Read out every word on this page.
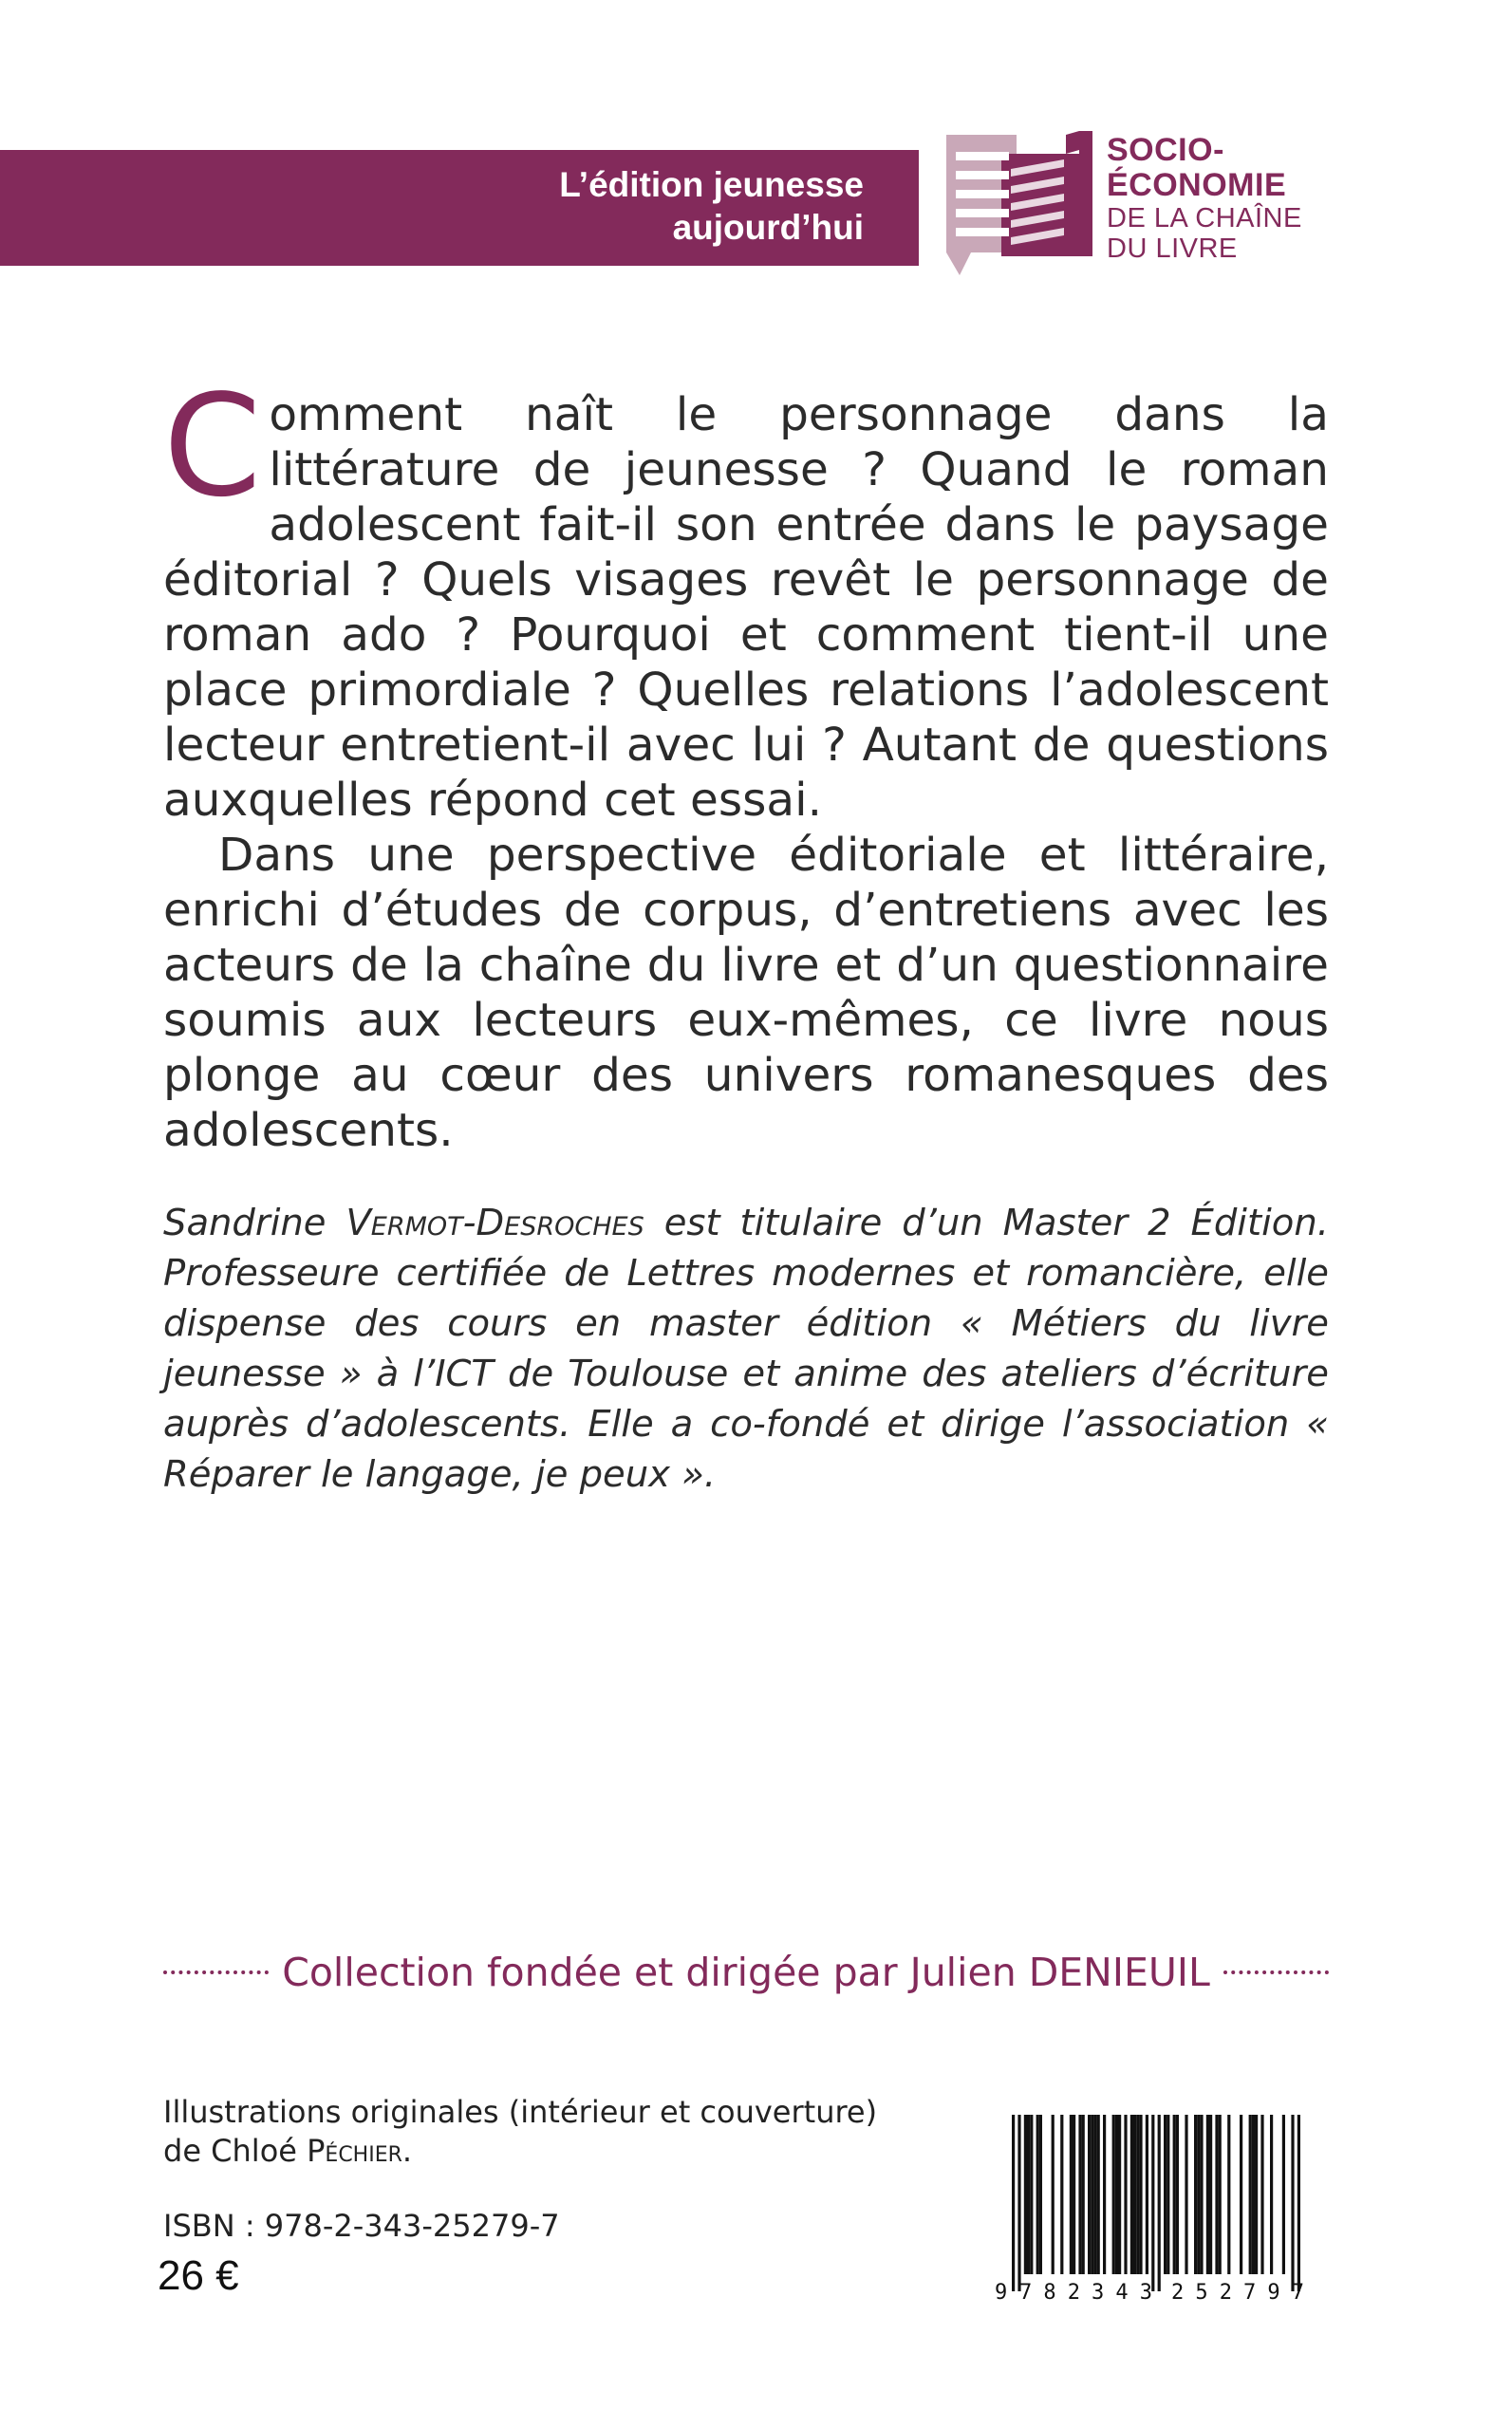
L’édition jeunesse
aujourd’hui
SOCIO-
ÉCONOMIE
DE LA CHAÎNE
DU LIVRE

Comment naît le personnage dans la littérature de jeunesse ? Quand le roman adolescent fait-il son entrée dans le paysage éditorial ? Quels visages revêt le personnage de roman ado ? Pourquoi et comment tient-il une place primordiale ? Quelles relations l’adolescent lecteur entretient-il avec lui ? Autant de questions auxquelles répond cet essai.

Dans une perspective éditoriale et littéraire, enrichi d’études de corpus, d’entretiens avec les acteurs de la chaîne du livre et d’un questionnaire soumis aux lecteurs eux-mêmes, ce livre nous plonge au cœur des univers romanesques des adolescents.

Sandrine Vermot-Desroches est titulaire d’un Master 2 Édition. Professeure certifiée de Lettres modernes et romancière, elle dispense des cours en master édition « Métiers du livre jeunesse » à l’ICT de Toulouse et anime des ateliers d’écriture auprès d’adolescents. Elle a co-fondé et dirige l’association « Réparer le langage, je peux ».
Collection fondée et dirigée par Julien DENIEUIL
Illustrations originales (intérieur et couverture)
de Chloé Péchier.
ISBN : 978-2-343-25279-7
26 €	9 782343 252797
